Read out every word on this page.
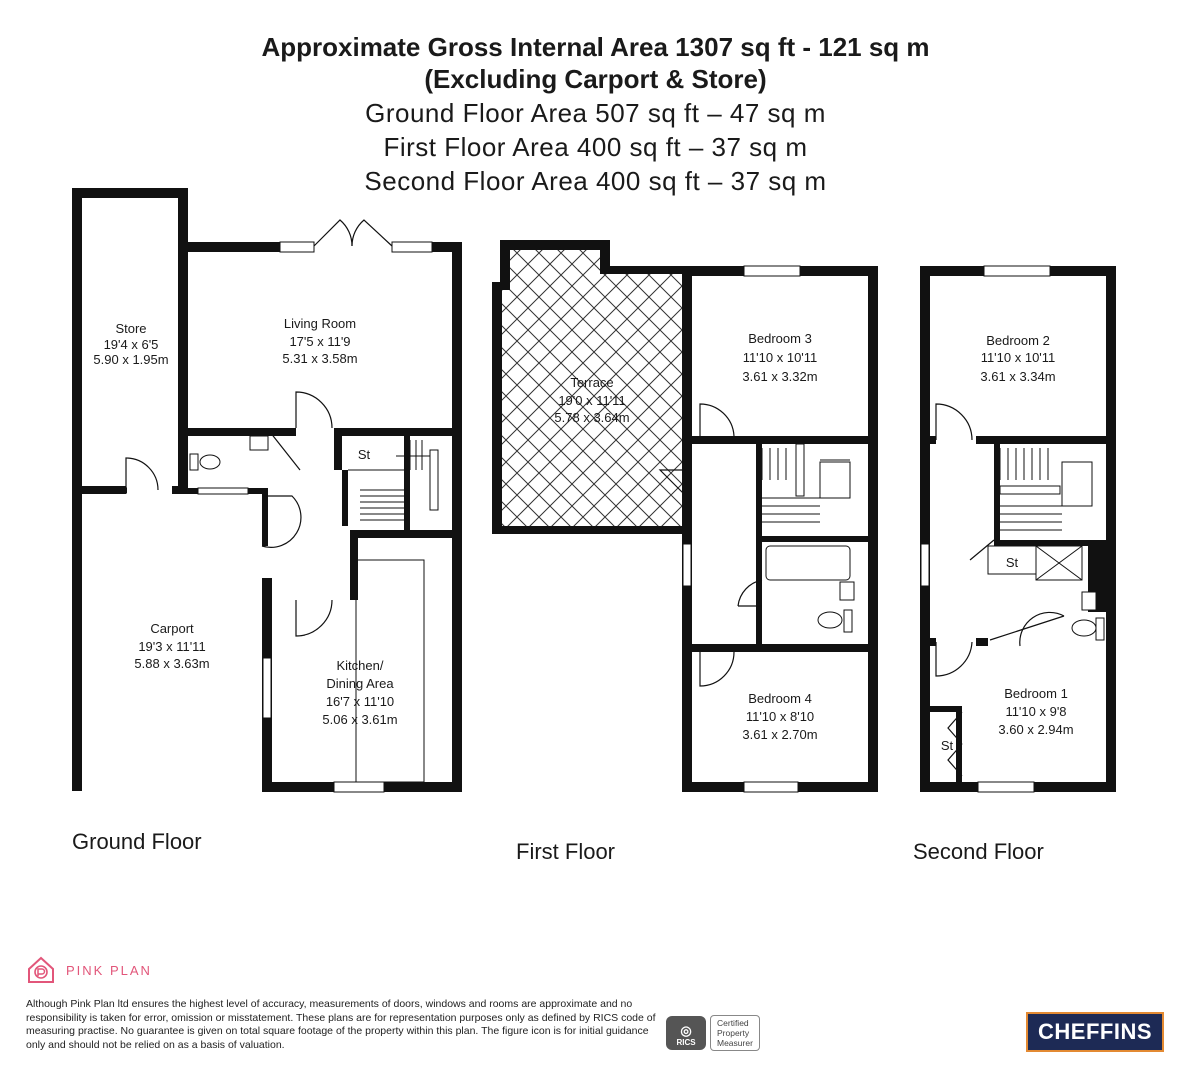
Approximate Gross Internal Area 1307 sq ft - 121 sq m
(Excluding Carport & Store)
Ground Floor Area 507 sq ft – 47 sq m
First Floor Area 400 sq ft – 37 sq m
Second Floor Area 400 sq ft – 37 sq m
Store
19'4 x 6'5
5.90 x 1.95m
Living Room
17'5 x 11'9
5.31 x 3.58m
St
Carport
19'3 x 11'11
5.88 x 3.63m	Kitchen/
Dining Area
16'7 x 11'10
5.06 x 3.61m
Terrace
19'0 x 11'11
5.78 x 3.64m
Bedroom 3
11'10 x 10'11
3.61 x 3.32m
Bedroom 4
11'10 x 8'10
3.61 x 2.70m
Bedroom 2
11'10 x 10'11
3.61 x 3.34m
Bedroom 1
11'10 x 9'8
3.60 x 2.94m
St
St
Ground Floor	First Floor	Second Floor
PINK PLAN
Although Pink Plan ltd ensures the highest level of accuracy, measurements of doors, windows and rooms are approximate and no responsibility is taken for error, omission or misstatement. These plans are for representation purposes only as defined by RICS code of measuring practise. No guarantee is given on total square footage of the property within this plan. The figure icon is for initial guidance only and should not be relied on as a basis of valuation.
◎
RICS
Certified
Property
Measurer	CHEFFINS
